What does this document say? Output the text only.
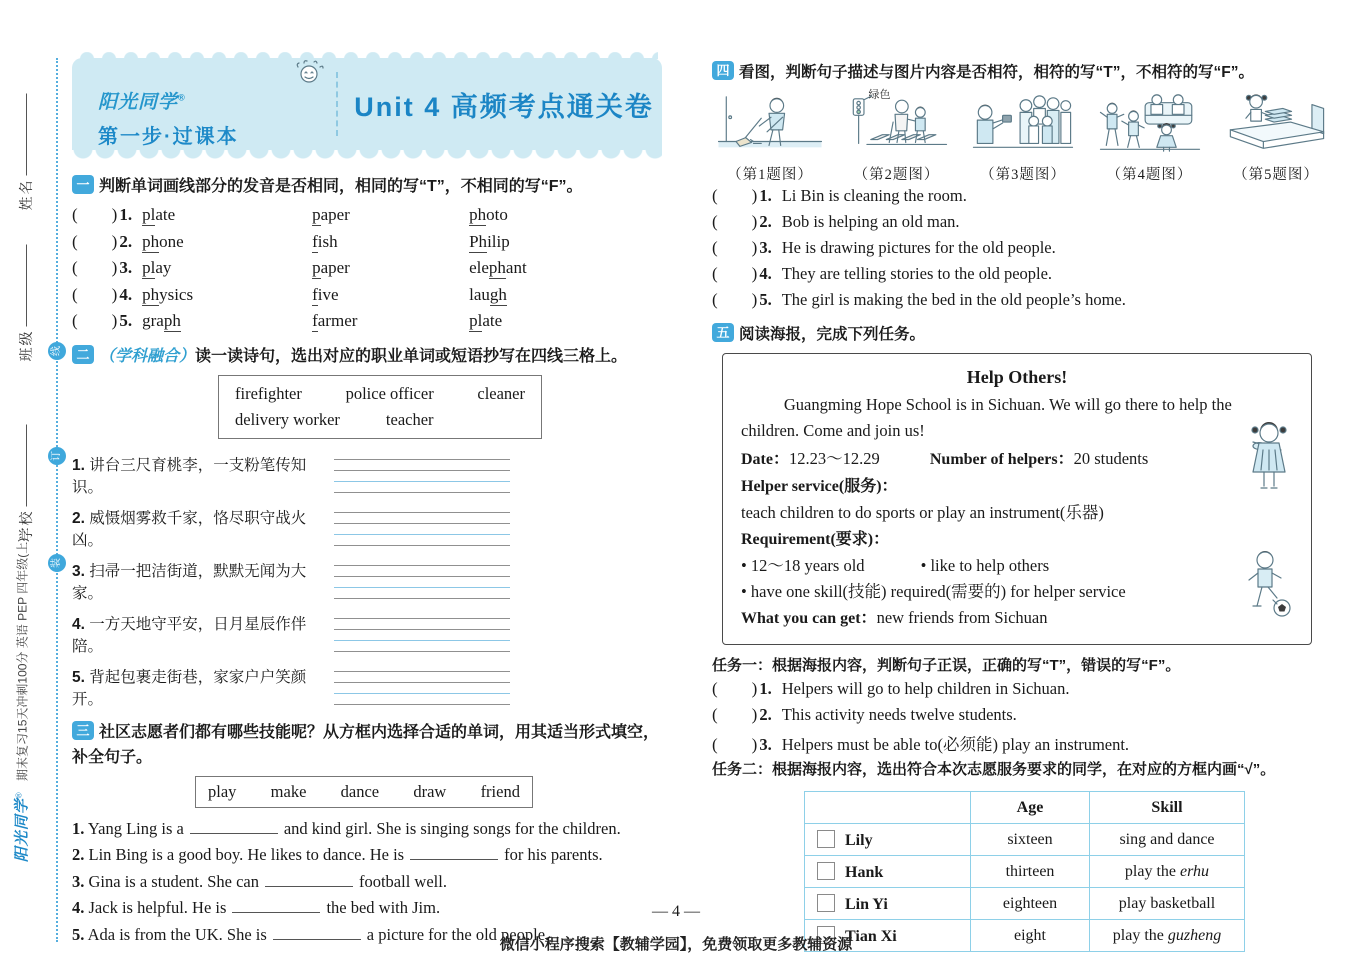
姓名
班级
学校
线
订
装
阳光同学® 期末复习15天冲刺100分 英语 PEP 四年级(上)
阳光同学®
第一步·过课本
Unit 4 高频考点通关卷
一 判断单词画线部分的发音是否相同，相同的写“T”，不相同的写“F”。
( ) 1. plate	paper	photo
( ) 2. phone	fish	Philip
( ) 3. play	paper	elephant
( ) 4. physics	five	laugh
( ) 5. graph	farmer	plate
二 （学科融合）读一读诗句，选出对应的职业单词或短语抄写在四线三格上。
firefighter	police officer	cleaner
delivery worker	teacher
1. 讲台三尺育桃李，一支粉笔传知识。
2. 威慑烟雾救千家，恪尽职守战火凶。
3. 扫帚一把洁街道，默默无闻为大家。
4. 一方天地守平安，日月星辰作伴陪。
5. 背起包裹走街巷，家家户户笑颜开。
三 社区志愿者们都有哪些技能呢？从方框内选择合适的单词，用其适当形式填空，补全句子。
play make dance draw friend
1. Yang Ling is a	and kind girl. She is singing songs for the children.
2. Lin Bing is a good boy. He likes to dance. He is	for his parents.
3. Gina is a student. She can	football well.
4. Jack is helpful. He is	the bed with Jim.
5. Ada is from the UK. She is	a picture for the old people.
四 看图，判断句子描述与图片内容是否相符，相符的写“T”，不相符的写“F”。
（第1题图）
绿色
（第2题图）	（第3题图）	（第4题图）	（第5题图）
( ) 1. Li Bin is cleaning the room.
( ) 2. Bob is helping an old man.
( ) 3. He is drawing pictures for the old people.
( ) 4. They are telling stories to the old people.
( ) 5. The girl is making the bed in the old people’s home.
五 阅读海报，完成下列任务。
Help Others!

Guangming Hope School is in Sichuan. We will go there to help the children. Come and join us!

Date：12.23～12.29	Number of helpers：20 students
Helper service(服务)：
teach children to do sports or play an instrument(乐器)
Requirement(要求)：
• 12～18 years old	• like to help others
• have one skill(技能) required(需要的) for helper service
What you can get：new friends from Sichuan
任务一：根据海报内容，判断句子正误，正确的写“T”，错误的写“F”。
( ) 1. Helpers will go to help children in Sichuan.
( ) 2. This activity needs twelve students.
( ) 3. Helpers must be able to(必须能) play an instrument.
任务二：根据海报内容，选出符合本次志愿服务要求的同学，在对应的方框内画“√”。
	Age	Skill
Lily	sixteen	sing and dance
Hank	thirteen	play the erhu
Lin Yi	eighteen	play basketball
Tian Xi	eight	play the guzheng
— 4 —
微信小程序搜索【教辅学园】，免费领取更多教辅资源
